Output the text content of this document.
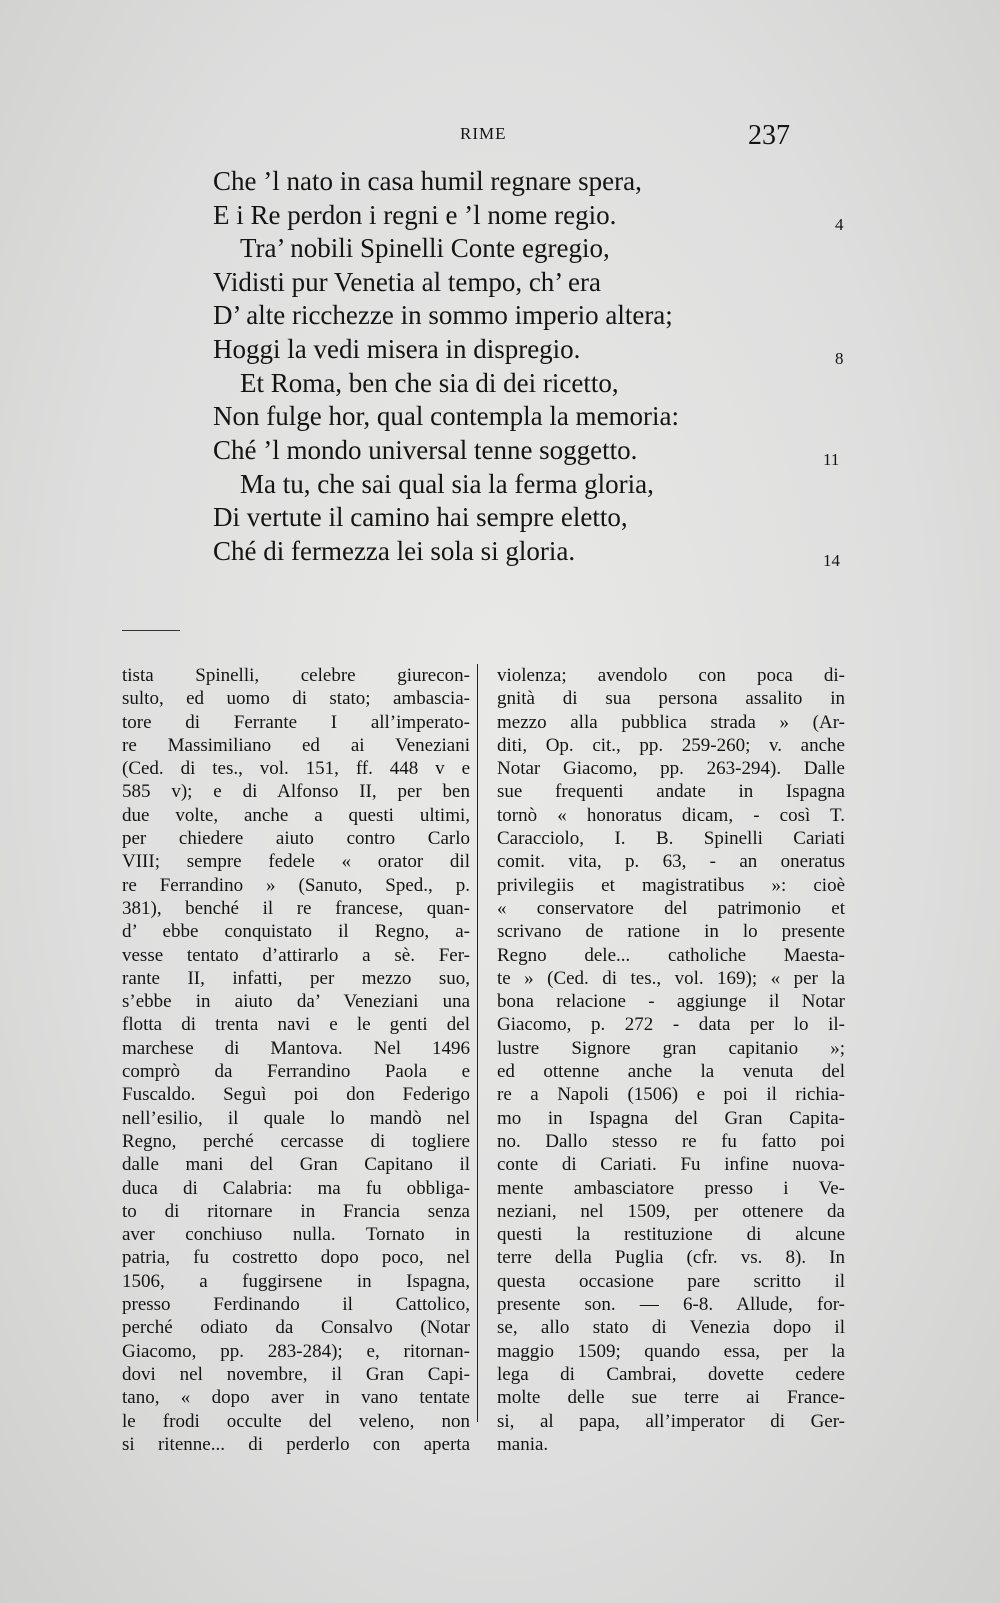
RIME	237
Che ’l nato in casa humil regnare spera,
E i Re perdon i regni e ’l nome regio.
Tra’ nobili Spinelli Conte egregio,
Vidisti pur Venetia al tempo, ch’ era
D’ alte ricchezze in sommo imperio altera;
Hoggi la vedi misera in dispregio.
Et Roma, ben che sia di dei ricetto,
Non fulge hor, qual contempla la memoria:
Ché ’l mondo universal tenne soggetto.
Ma tu, che sai qual sia la ferma gloria,
Di vertute il camino hai sempre eletto,
Ché di fermezza lei sola si gloria.
4
8
11
14
tista Spinelli, celebre giurecon-
sulto, ed uomo di stato; ambascia-
tore di Ferrante I all’imperato-
re Massimiliano ed ai Veneziani
(Ced. di tes., vol. 151, ff. 448 v e
585 v); e di Alfonso II, per ben
due volte, anche a questi ultimi,
per chiedere aiuto contro Carlo
VIII; sempre fedele « orator dil
re Ferrandino » (Sanuto, Sped., p.
381), benché il re francese, quan-
d’ ebbe conquistato il Regno, a-
vesse tentato d’attirarlo a sè. Fer-
rante II, infatti, per mezzo suo,
s’ebbe in aiuto da’ Veneziani una
flotta di trenta navi e le genti del
marchese di Mantova. Nel 1496
comprò da Ferrandino Paola e
Fuscaldo. Seguì poi don Federigo
nell’esilio, il quale lo mandò nel
Regno, perché cercasse di togliere
dalle mani del Gran Capitano il
duca di Calabria: ma fu obbliga-
to di ritornare in Francia senza
aver conchiuso nulla. Tornato in
patria, fu costretto dopo poco, nel
1506, a fuggirsene in Ispagna,
presso Ferdinando il Cattolico,
perché odiato da Consalvo (Notar
Giacomo, pp. 283-284); e, ritornan-
dovi nel novembre, il Gran Capi-
tano, « dopo aver in vano tentate
le frodi occulte del veleno, non
si ritenne... di perderlo con aperta
violenza; avendolo con poca di-
gnità di sua persona assalito in
mezzo alla pubblica strada » (Ar-
diti, Op. cit., pp. 259-260; v. anche
Notar Giacomo, pp. 263-294). Dalle
sue frequenti andate in Ispagna
tornò « honoratus dicam, - così T.
Caracciolo, I. B. Spinelli Cariati
comit. vita, p. 63, - an oneratus
privilegiis et magistratibus »: cioè
« conservatore del patrimonio et
scrivano de ratione in lo presente
Regno dele... catholiche Maesta-
te » (Ced. di tes., vol. 169); « per la
bona relacione - aggiunge il Notar
Giacomo, p. 272 - data per lo il-
lustre Signore gran capitanio »;
ed ottenne anche la venuta del
re a Napoli (1506) e poi il richia-
mo in Ispagna del Gran Capita-
no. Dallo stesso re fu fatto poi
conte di Cariati. Fu infine nuova-
mente ambasciatore presso i Ve-
neziani, nel 1509, per ottenere da
questi la restituzione di alcune
terre della Puglia (cfr. vs. 8). In
questa occasione pare scritto il
presente son. — 6-8. Allude, for-
se, allo stato di Venezia dopo il
maggio 1509; quando essa, per la
lega di Cambrai, dovette cedere
molte delle sue terre ai France-
si, al papa, all’imperator di Ger-
mania.
